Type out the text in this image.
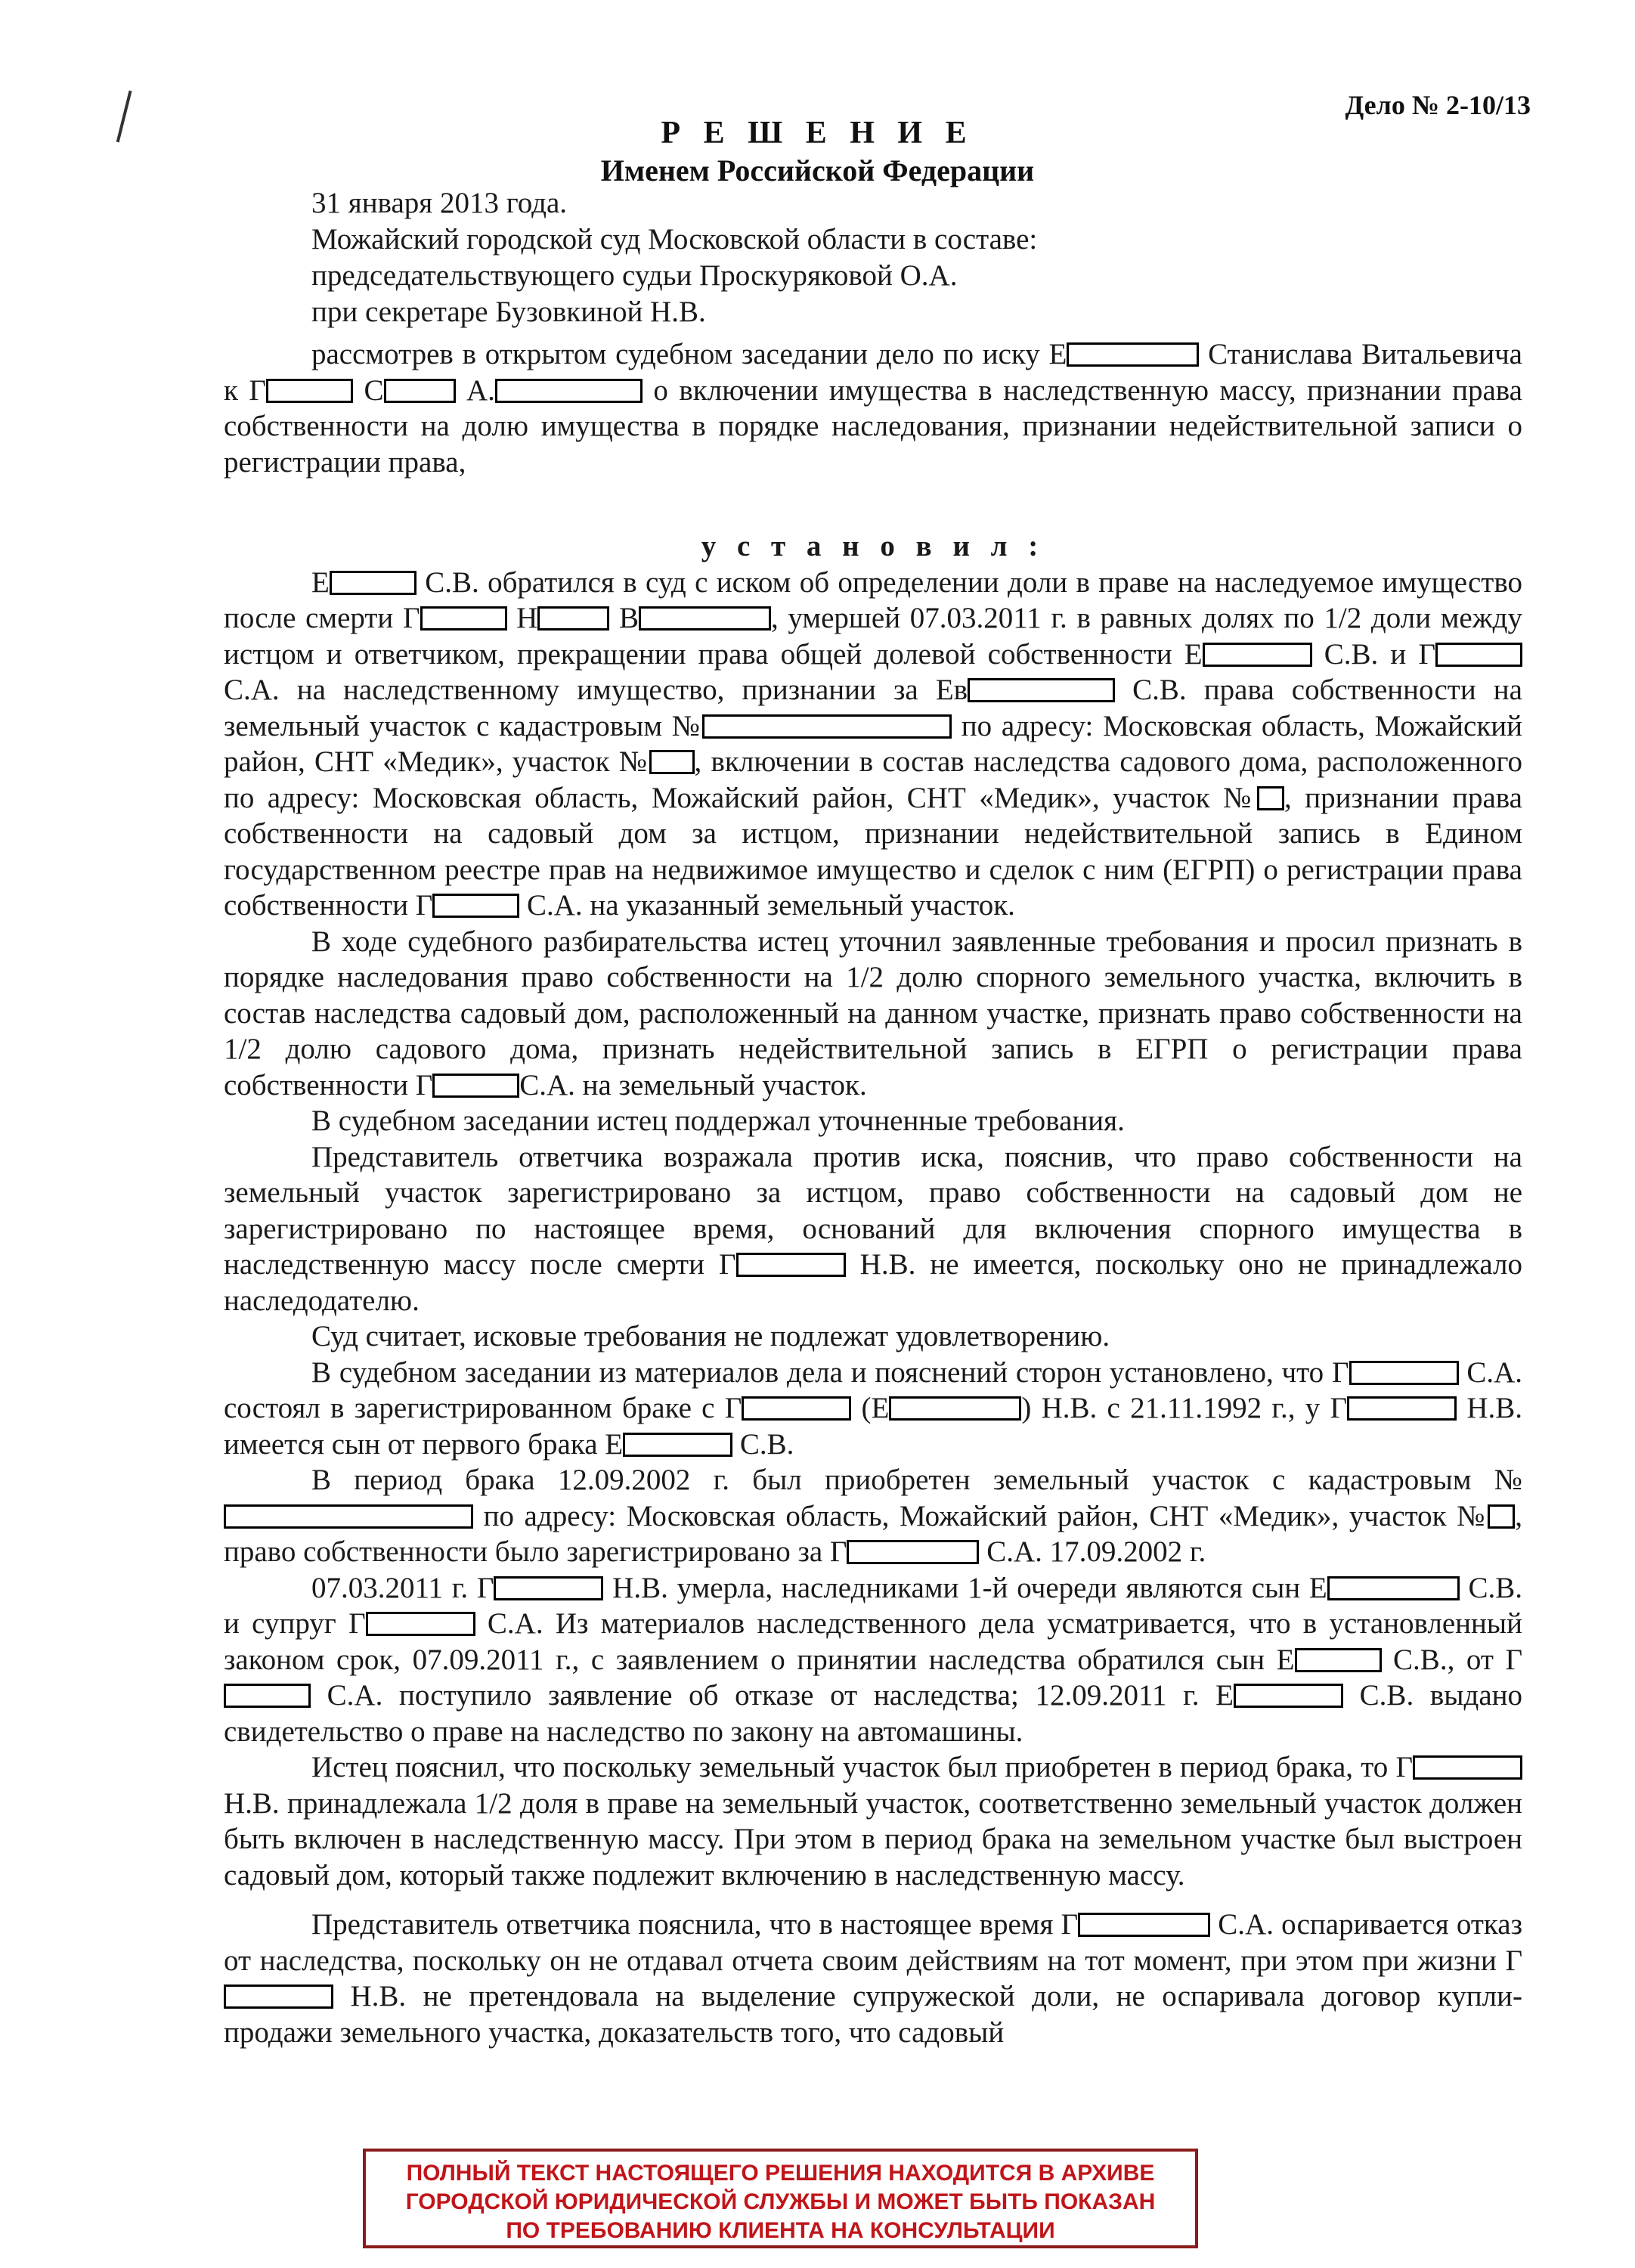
Дело № 2-10/13
Р Е Ш Е Н И Е
Именем Российской Федерации
31 января 2013 года.
Можайский городской суд Московской области в составе:
председательствующего судьи Проскуряковой О.А.
при секретаре Бузовкиной Н.В.

рассмотрев в открытом судебном заседании дело по иску Е	Станислава Витальевича к Г	С А.	о включении имущества в наследственную массу, признании права собственности на долю имущества в порядке наследования, признании недействительной записи о регистрации права,

у с т а н о в и л :

Е	С.В. обратился в суд с иском об определении доли в праве на наследуемое имущество после смерти Г	Н В	, умершей 07.03.2011 г. в равных долях по 1/2 доли между истцом и ответчиком, прекращении права общей долевой собственности Е	С.В. и Г С.А. на наследственному имущество, признании за Ев	С.В. права собственности на земельный участок с кадастровым №	по адресу: Московская область, Можайский район, СНТ «Медик», участок № , включении в состав наследства садового дома, расположенного по адресу: Московская область, Можайский район, СНТ «Медик», участок № , признании права собственности на садовый дом за истцом, признании недействительной запись в Едином государственном реестре прав на недвижимое имущество и сделок с ним (ЕГРП) о регистрации права собственности Г	С.А. на указанный земельный участок.

В ходе судебного разбирательства истец уточнил заявленные требования и просил признать в порядке наследования право собственности на 1/2 долю спорного земельного участка, включить в состав наследства садовый дом, расположенный на данном участке, признать право собственности на 1/2 долю садового дома, признать недействительной запись в ЕГРП о регистрации права собственности Г	С.А. на земельный участок.

В судебном заседании истец поддержал уточненные требования.

Представитель ответчика возражала против иска, пояснив, что право собственности на земельный участок зарегистрировано за истцом, право собственности на садовый дом не зарегистрировано по настоящее время, оснований для включения спорного имущества в наследственную массу после смерти Г	Н.В. не имеется, поскольку оно не принадлежало наследодателю.

Суд считает, исковые требования не подлежат удовлетворению.

В судебном заседании из материалов дела и пояснений сторон установлено, что Г	С.А. состоял в зарегистрированном браке с Г	(Е	) Н.В. с 21.11.1992 г., у Г	Н.В. имеется сын от первого брака Е	С.В.

В период брака 12.09.2002 г. был приобретен земельный участок с кадастровым № по адресу: Московская область, Можайский район, СНТ «Медик», участок № , право собственности было зарегистрировано за Г	С.А. 17.09.2002 г.

07.03.2011 г. Г	Н.В. умерла, наследниками 1-й очереди являются сын Е	С.В. и супруг Г	С.А. Из материалов наследственного дела усматривается, что в установленный законом срок, 07.09.2011 г., с заявлением о принятии наследства обратился сын Е	С.В., от Г С.А. поступило заявление об отказе от наследства; 12.09.2011 г. Е	С.В. выдано свидетельство о праве на наследство по закону на автомашины.

Истец пояснил, что поскольку земельный участок был приобретен в период брака, то Г Н.В. принадлежала 1/2 доля в праве на земельный участок, соответственно земельный участок должен быть включен в наследственную массу. При этом в период брака на земельном участке был выстроен садовый дом, который также подлежит включению в наследственную массу.

Представитель ответчика пояснила, что в настоящее время Г	С.А. оспаривается отказ от наследства, поскольку он не отдавал отчета своим действиям на тот момент, при этом при жизни Г Н.В. не претендовала на выделение супружеской доли, не оспаривала договор купли-продажи земельного участка, доказательств того, что садовый

ПОЛНЫЙ ТЕКСТ НАСТОЯЩЕГО РЕШЕНИЯ НАХОДИТСЯ В АРХИВЕ
ГОРОДСКОЙ ЮРИДИЧЕСКОЙ СЛУЖБЫ И МОЖЕТ БЫТЬ ПОКАЗАН
ПО ТРЕБОВАНИЮ КЛИЕНТА НА КОНСУЛЬТАЦИИ
